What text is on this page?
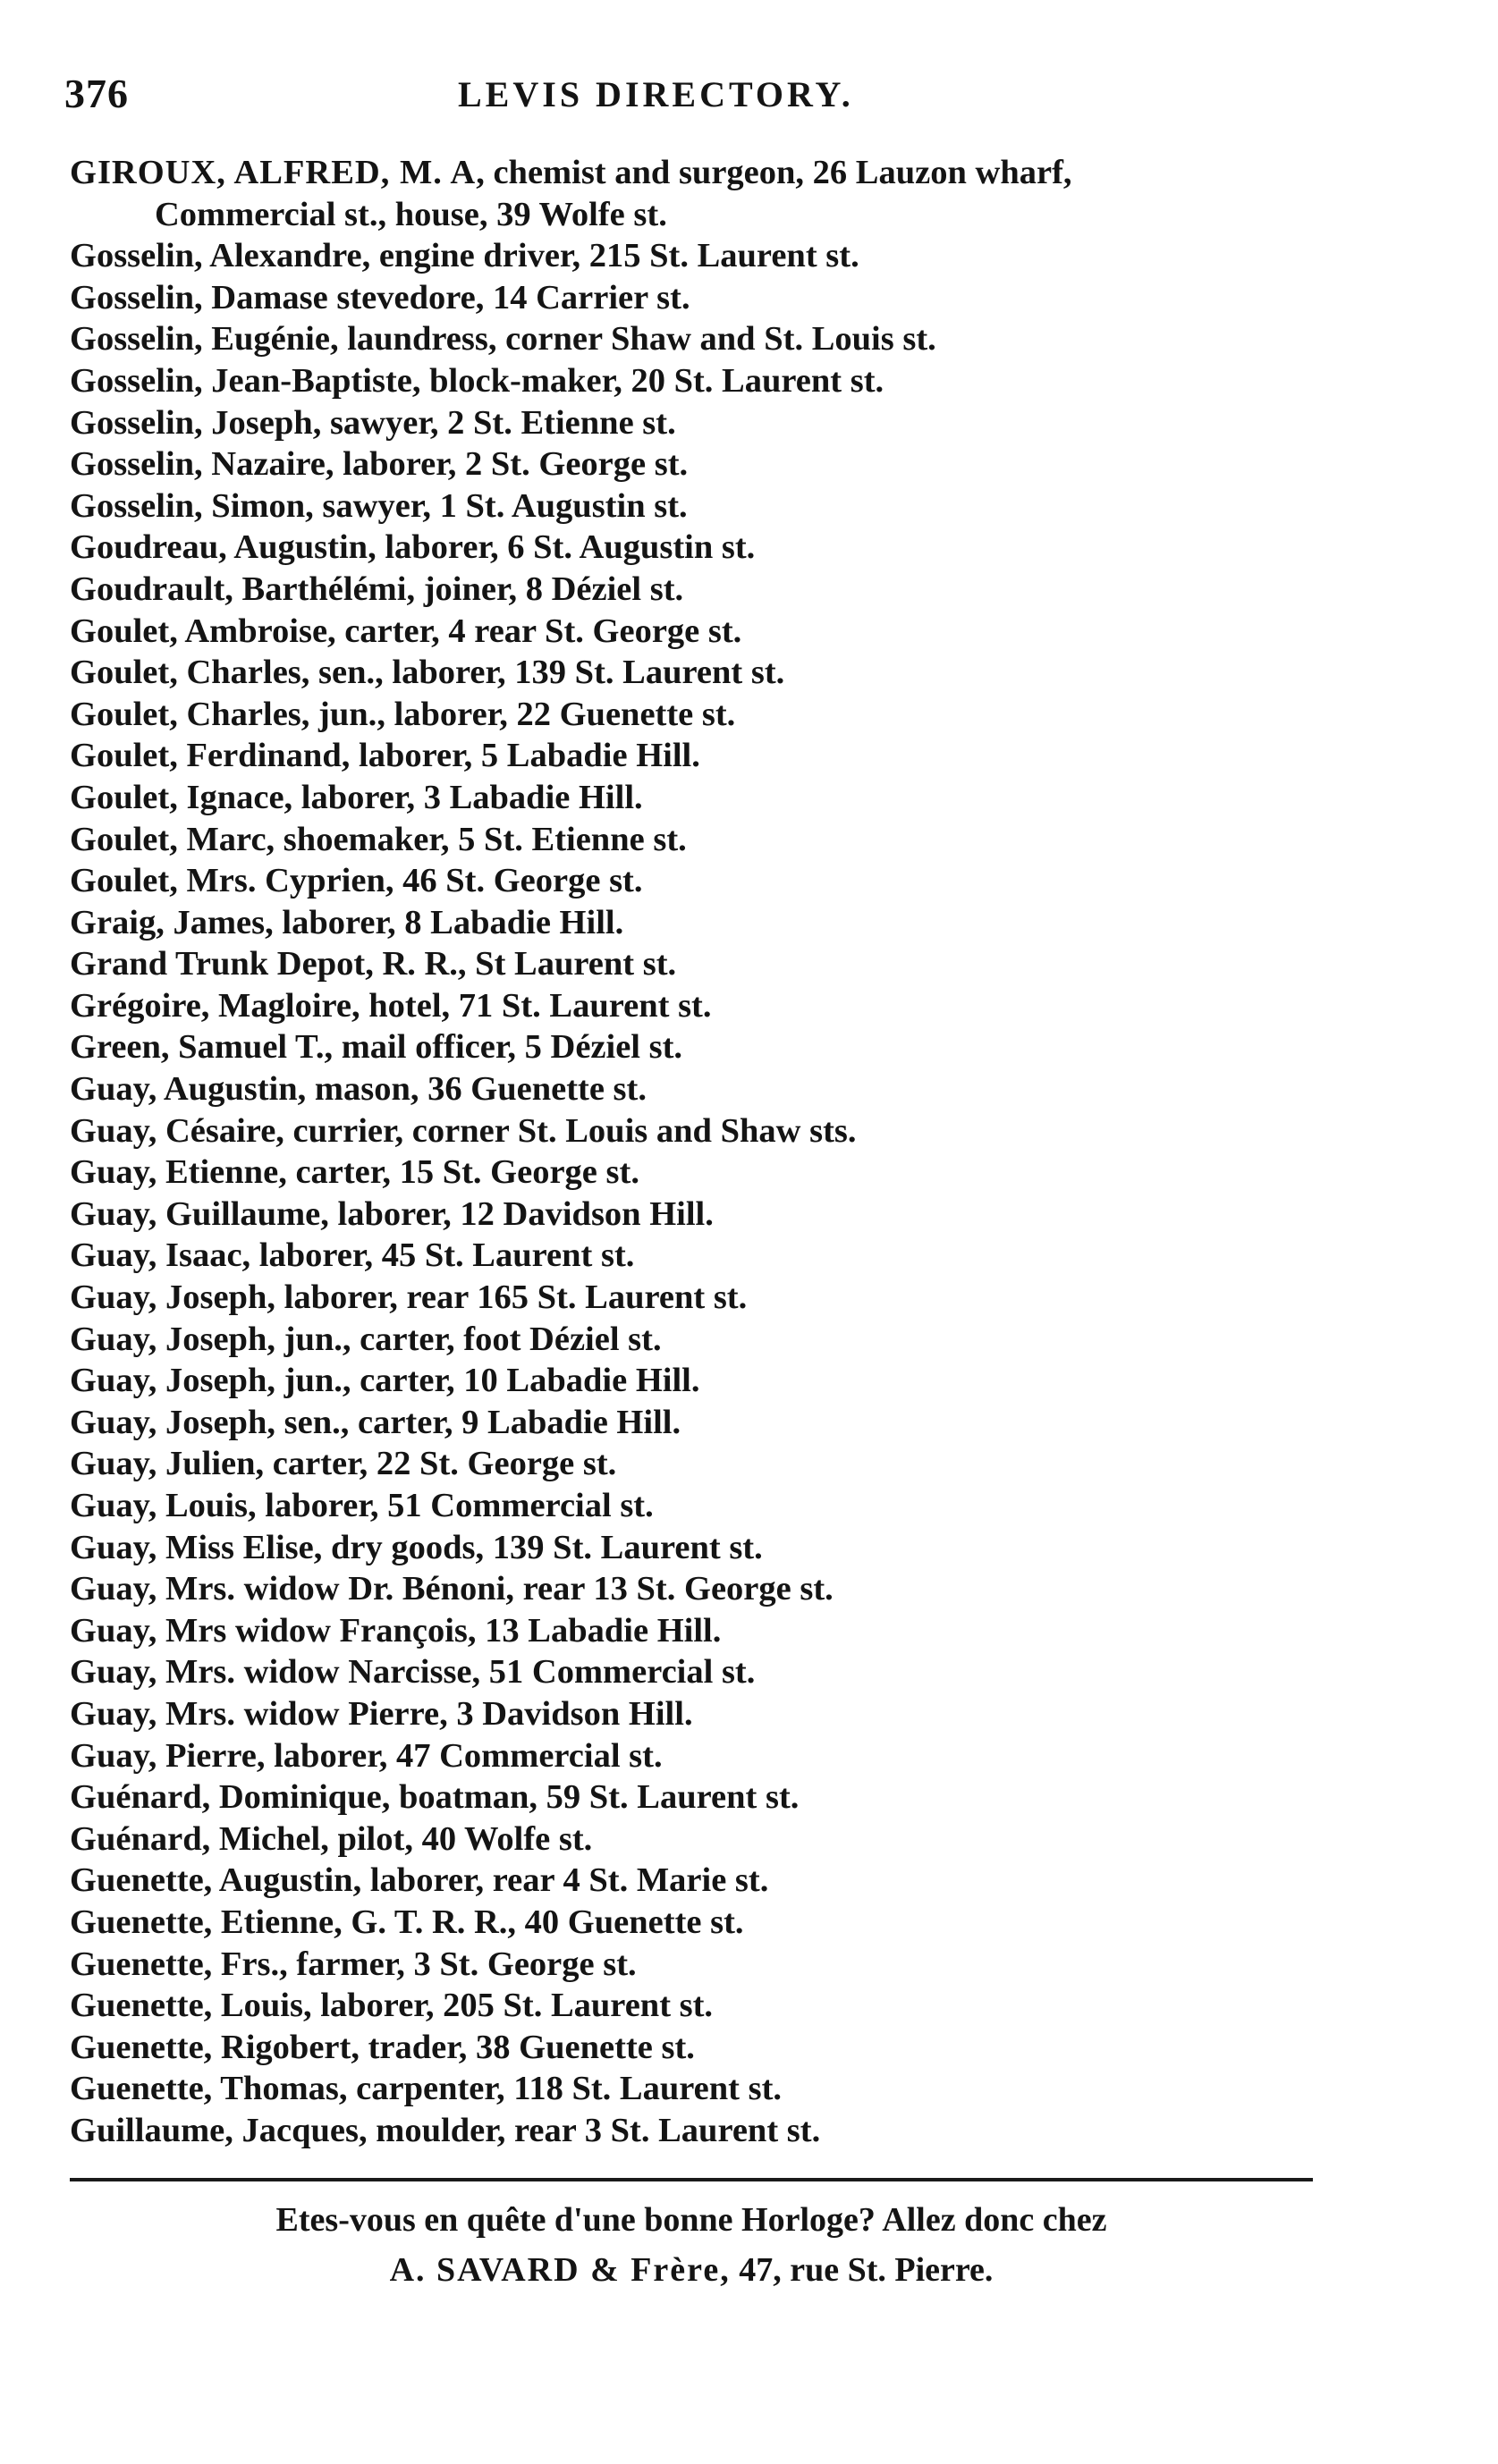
376	LEVIS DIRECTORY.
GIROUX, ALFRED, M. A, chemist and surgeon, 26 Lauzon wharf,
Commercial st., house, 39 Wolfe st.
Gosselin, Alexandre, engine driver, 215 St. Laurent st.
Gosselin, Damase stevedore, 14 Carrier st.
Gosselin, Eugénie, laundress, corner Shaw and St. Louis st.
Gosselin, Jean-Baptiste, block-maker, 20 St. Laurent st.
Gosselin, Joseph, sawyer, 2 St. Etienne st.
Gosselin, Nazaire, laborer, 2 St. George st.
Gosselin, Simon, sawyer, 1 St. Augustin st.
Goudreau, Augustin, laborer, 6 St. Augustin st.
Goudrault, Barthélémi, joiner, 8 Déziel st.
Goulet, Ambroise, carter, 4 rear St. George st.
Goulet, Charles, sen., laborer, 139 St. Laurent st.
Goulet, Charles, jun., laborer, 22 Guenette st.
Goulet, Ferdinand, laborer, 5 Labadie Hill.
Goulet, Ignace, laborer, 3 Labadie Hill.
Goulet, Marc, shoemaker, 5 St. Etienne st.
Goulet, Mrs. Cyprien, 46 St. George st.
Graig, James, laborer, 8 Labadie Hill.
Grand Trunk Depot, R. R., St Laurent st.
Grégoire, Magloire, hotel, 71 St. Laurent st.
Green, Samuel T., mail officer, 5 Déziel st.
Guay, Augustin, mason, 36 Guenette st.
Guay, Césaire, currier, corner St. Louis and Shaw sts.
Guay, Etienne, carter, 15 St. George st.
Guay, Guillaume, laborer, 12 Davidson Hill.
Guay, Isaac, laborer, 45 St. Laurent st.
Guay, Joseph, laborer, rear 165 St. Laurent st.
Guay, Joseph, jun., carter, foot Déziel st.
Guay, Joseph, jun., carter, 10 Labadie Hill.
Guay, Joseph, sen., carter, 9 Labadie Hill.
Guay, Julien, carter, 22 St. George st.
Guay, Louis, laborer, 51 Commercial st.
Guay, Miss Elise, dry goods, 139 St. Laurent st.
Guay, Mrs. widow Dr. Bénoni, rear 13 St. George st.
Guay, Mrs widow François, 13 Labadie Hill.
Guay, Mrs. widow Narcisse, 51 Commercial st.
Guay, Mrs. widow Pierre, 3 Davidson Hill.
Guay, Pierre, laborer, 47 Commercial st.
Guénard, Dominique, boatman, 59 St. Laurent st.
Guénard, Michel, pilot, 40 Wolfe st.
Guenette, Augustin, laborer, rear 4 St. Marie st.
Guenette, Etienne, G. T. R. R., 40 Guenette st.
Guenette, Frs., farmer, 3 St. George st.
Guenette, Louis, laborer, 205 St. Laurent st.
Guenette, Rigobert, trader, 38 Guenette st.
Guenette, Thomas, carpenter, 118 St. Laurent st.
Guillaume, Jacques, moulder, rear 3 St. Laurent st.
Etes-vous en quête d'une bonne Horloge? Allez donc chez
A. SAVARD & Frère, 47, rue St. Pierre.
